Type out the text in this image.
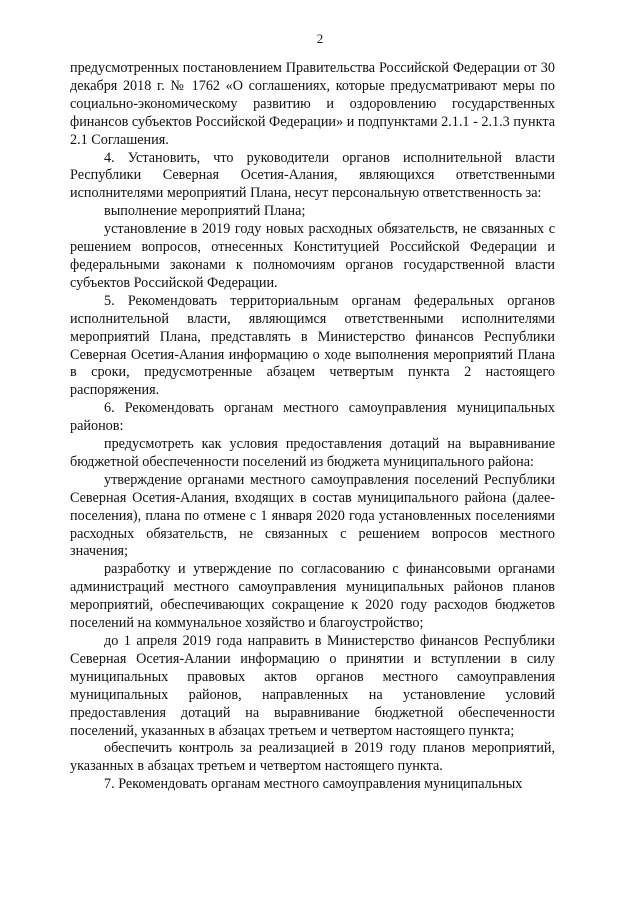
2

предусмотренных постановлением Правительства Российской Федерации от 30 декабря 2018 г. № 1762 «О соглашениях, которые предусматривают меры по социально-экономическому развитию и оздоровлению государственных финансов субъектов Российской Федерации» и подпунктами 2.1.1 - 2.1.3 пункта 2.1 Соглашения.

4. Установить, что руководители органов исполнительной власти Республики Северная Осетия-Алания, являющихся ответственными исполнителями мероприятий Плана, несут персональную ответственность за:

выполнение мероприятий Плана;

установление в 2019 году новых расходных обязательств, не связанных с решением вопросов, отнесенных Конституцией Российской Федерации и федеральными законами к полномочиям органов государственной власти субъектов Российской Федерации.

5. Рекомендовать территориальным органам федеральных органов исполнительной власти, являющимся ответственными исполнителями мероприятий Плана, представлять в Министерство финансов Республики Северная Осетия-Алания информацию о ходе выполнения мероприятий Плана в сроки, предусмотренные абзацем четвертым пункта 2 настоящего распоряжения.

6. Рекомендовать органам местного самоуправления муниципальных районов:

предусмотреть как условия предоставления дотаций на выравнивание бюджетной обеспеченности поселений из бюджета муниципального района:

утверждение органами местного самоуправления поселений Республики Северная Осетия-Алания, входящих в состав муниципального района (далее-поселения), плана по отмене с 1 января 2020 года установленных поселениями расходных обязательств, не связанных с решением вопросов местного значения;

разработку и утверждение по согласованию с финансовыми органами администраций местного самоуправления муниципальных районов планов мероприятий, обеспечивающих сокращение к 2020 году расходов бюджетов поселений на коммунальное хозяйство и благоустройство;

до 1 апреля 2019 года направить в Министерство финансов Республики Северная Осетия-Алании информацию о принятии и вступлении в силу муниципальных правовых актов органов местного самоуправления муниципальных районов, направленных на установление условий предоставления дотаций на выравнивание бюджетной обеспеченности поселений, указанных в абзацах третьем и четвертом настоящего пункта;

обеспечить контроль за реализацией в 2019 году планов мероприятий, указанных в абзацах третьем и четвертом настоящего пункта.

7. Рекомендовать органам местного самоуправления муниципальных
